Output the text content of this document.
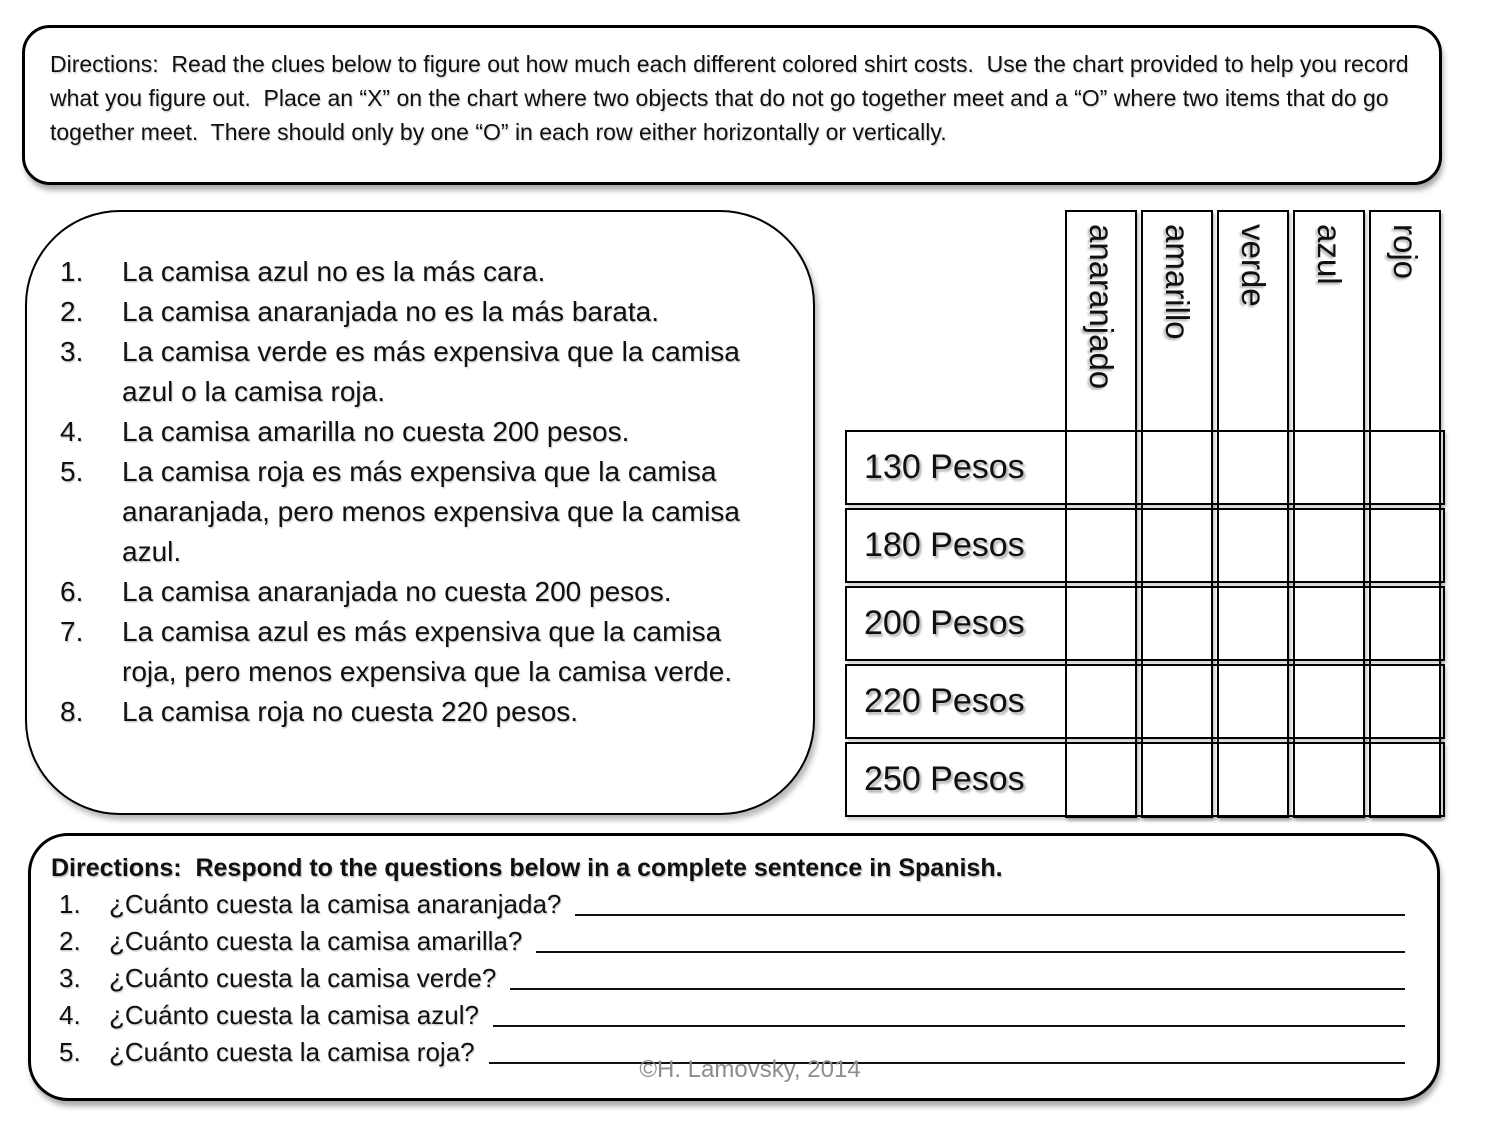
Directions:  Read the clues below to figure out how much each different colored shirt costs.  Use the chart provided to help you record what you figure out.  Place an “X” on the chart where two objects that do not go together meet and a “O” where two items that do go together meet.  There should only by one “O” in each row either horizontally or vertically.

1.	La camisa azul no es la más cara.
2.	La camisa anaranjada no es la más barata.
3.	La camisa verde es más expensiva que la camisa azul o la camisa roja.
4.	La camisa amarilla no cuesta 200 pesos.
5.	La camisa roja es más expensiva que la camisa anaranjada, pero menos expensiva que la camisa azul.
6.	La camisa anaranjada no cuesta 200 pesos.
7.	La camisa azul es más expensiva que la camisa roja, pero menos expensiva que la camisa verde.
8.	La camisa roja no cuesta 220 pesos.
anaranjado amarillo verde azul rojo
130 Pesos
180 Pesos
200 Pesos
220 Pesos
250 Pesos

Directions:  Respond to the questions below in a complete sentence in Spanish.

1.	¿Cuánto cuesta la camisa anaranjada?
2.	¿Cuánto cuesta la camisa amarilla?
3.	¿Cuánto cuesta la camisa verde?
4.	¿Cuánto cuesta la camisa azul?
5.	¿Cuánto cuesta la camisa roja?
©H. Lamovsky, 2014
